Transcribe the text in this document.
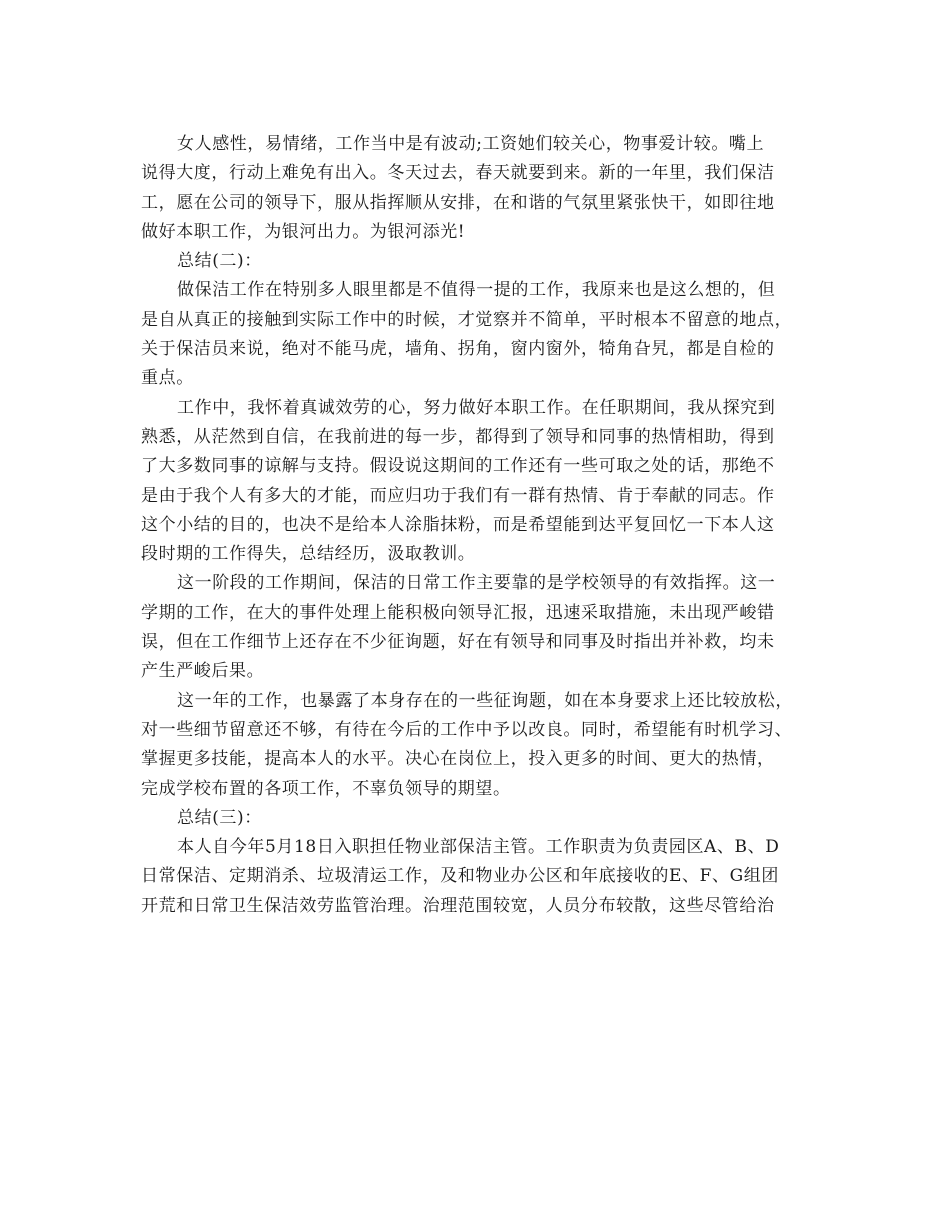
女人感性，易情绪，工作当中是有波动;工资她们较关心，物事爱计较。嘴上
说得大度，行动上难免有出入。冬天过去，春天就要到来。新的一年里，我们保洁
工，愿在公司的领导下，服从指挥顺从安排，在和谐的气氛里紧张快干，如即往地
做好本职工作，为银河出力。为银河添光!
总结(二)：
做保洁工作在特别多人眼里都是不值得一提的工作，我原来也是这么想的，但
是自从真正的接触到实际工作中的时候，才觉察并不简单，平时根本不留意的地点，
关于保洁员来说，绝对不能马虎，墙角、拐角，窗内窗外，犄角旮旯，都是自检的
重点。
工作中，我怀着真诚效劳的心，努力做好本职工作。在任职期间，我从探究到
熟悉，从茫然到自信，在我前进的每一步，都得到了领导和同事的热情相助，得到
了大多数同事的谅解与支持。假设说这期间的工作还有一些可取之处的话，那绝不
是由于我个人有多大的才能，而应归功于我们有一群有热情、肯于奉献的同志。作
这个小结的目的，也决不是给本人涂脂抹粉，而是希望能到达平复回忆一下本人这
段时期的工作得失，总结经历，汲取教训。
这一阶段的工作期间，保洁的日常工作主要靠的是学校领导的有效指挥。这一
学期的工作，在大的事件处理上能积极向领导汇报，迅速采取措施，未出现严峻错
误，但在工作细节上还存在不少征询题，好在有领导和同事及时指出并补救，均未
产生严峻后果。
这一年的工作，也暴露了本身存在的一些征询题，如在本身要求上还比较放松，
对一些细节留意还不够，有待在今后的工作中予以改良。同时，希望能有时机学习、
掌握更多技能，提高本人的水平。决心在岗位上，投入更多的时间、更大的热情，
完成学校布置的各项工作，不辜负领导的期望。
总结(三)：
本人自今年5月18日入职担任物业部保洁主管。工作职责为负责园区A、B、D
日常保洁、定期消杀、垃圾清运工作，及和物业办公区和年底接收的E、F、G组团
开荒和日常卫生保洁效劳监管治理。治理范围较宽，人员分布较散，这些尽管给治
